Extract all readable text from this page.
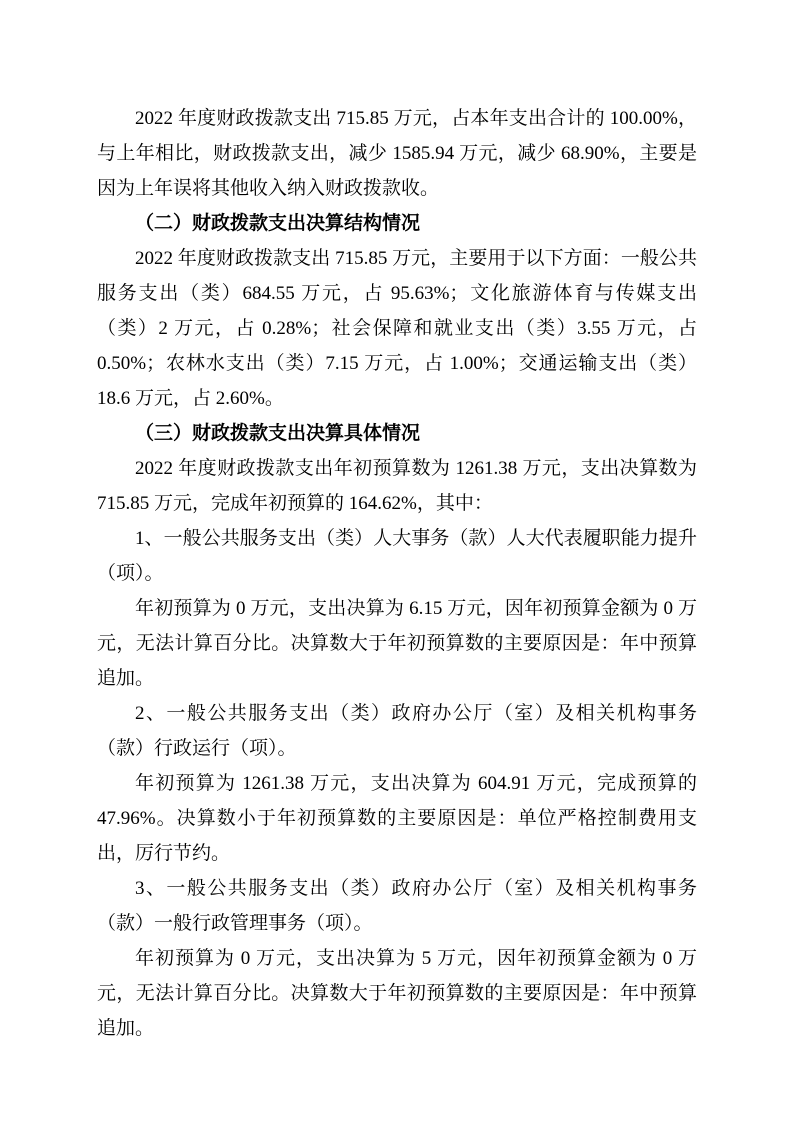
2022 年度财政拨款支出 715.85 万元，占本年支出合计的 100.00%，与上年相比，财政拨款支出，减少 1585.94 万元，减少 68.90%，主要是因为上年误将其他收入纳入财政拨款收。

（二）财政拨款支出决算结构情况

2022 年度财政拨款支出 715.85 万元，主要用于以下方面：一般公共服务支出（类）684.55 万元，占 95.63%；文化旅游体育与传媒支出（类）2 万元，占 0.28%；社会保障和就业支出（类）3.55 万元，占 0.50%；农林水支出（类）7.15 万元，占 1.00%；交通运输支出（类）18.6 万元，占 2.60%。

（三）财政拨款支出决算具体情况

2022 年度财政拨款支出年初预算数为 1261.38 万元，支出决算数为 715.85 万元，完成年初预算的 164.62%，其中：

1、一般公共服务支出（类）人大事务（款）人大代表履职能力提升（项）。

年初预算为 0 万元，支出决算为 6.15 万元，因年初预算金额为 0 万元，无法计算百分比。决算数大于年初预算数的主要原因是：年中预算追加。

2、一般公共服务支出（类）政府办公厅（室）及相关机构事务（款）行政运行（项）。

年初预算为 1261.38 万元，支出决算为 604.91 万元，完成预算的 47.96%。决算数小于年初预算数的主要原因是：单位严格控制费用支出，厉行节约。

3、一般公共服务支出（类）政府办公厅（室）及相关机构事务（款）一般行政管理事务（项）。

年初预算为 0 万元，支出决算为 5 万元，因年初预算金额为 0 万元，无法计算百分比。决算数大于年初预算数的主要原因是：年中预算追加。
